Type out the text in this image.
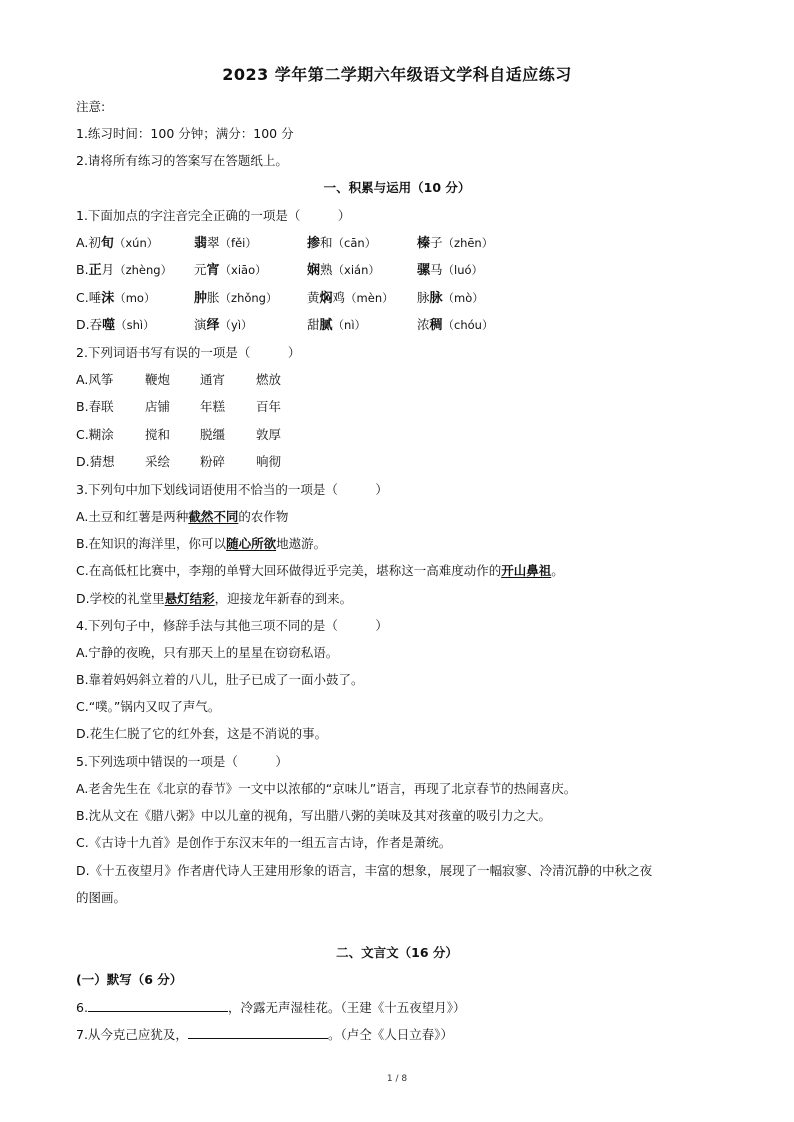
2023 学年第二学期六年级语文学科自适应练习
注意:
1.练习时间：100 分钟；满分：100 分
2.请将所有练习的答案写在答题纸上。
一、积累与运用（10 分）
1.下面加点的字注音完全正确的一项是（　　　）
A.初旬（xún）	翡翠（fěi）	掺和（cān）	榛子（zhēn）
B.正月（zhèng） 元宵（xiāo）	娴熟（xián）	骡马（luó）
C.唾沫（mo）	肿胀（zhǒng） 黄焖鸡（mèn） 脉脉（mò）
D.吞噬（shì）	演绎（yì）	甜腻（nì）	浓稠（chóu）
2.下列词语书写有误的一项是（　　　）
A.风筝	鞭炮 通宵 燃放
B.春联	店铺 年糕 百年
C.糊涂	搅和 脱缰 敦厚
D.猜想 采绘 粉碎 响彻
3.下列句中加下划线词语使用不恰当的一项是（　　　）
A.土豆和红薯是两种截然不同的农作物
B.在知识的海洋里，你可以随心所欲地遨游。
C.在高低杠比赛中，李翔的单臂大回环做得近乎完美，堪称这一高难度动作的开山鼻祖。
D.学校的礼堂里悬灯结彩，迎接龙年新春的到来。
4.下列句子中，修辞手法与其他三项不同的是（　　　）
A.宁静的夜晚，只有那天上的星星在窃窃私语。
B.靠着妈妈斜立着的八儿，肚子已成了一面小鼓了。
C.“噗。”锅内又叹了声气。
D.花生仁脱了它的红外套，这是不消说的事。
5.下列选项中错误的一项是（　　　）
A.老舍先生在《北京的春节》一文中以浓郁的“京味儿”语言，再现了北京春节的热闹喜庆。
B.沈从文在《腊八粥》中以儿童的视角，写出腊八粥的美味及其对孩童的吸引力之大。
C.《古诗十九首》是创作于东汉末年的一组五言古诗，作者是萧统。
D.《十五夜望月》作者唐代诗人王建用形象的语言，丰富的想象，展现了一幅寂寥、冷清沉静的中秋之夜
的图画。
二、文言文（16 分）
(一）默写（6 分）
6.	，冷露无声湿桂花。（王建《十五夜望月》）
7.从今克己应犹及，	。（卢仝《人日立春》）
1 / 8
